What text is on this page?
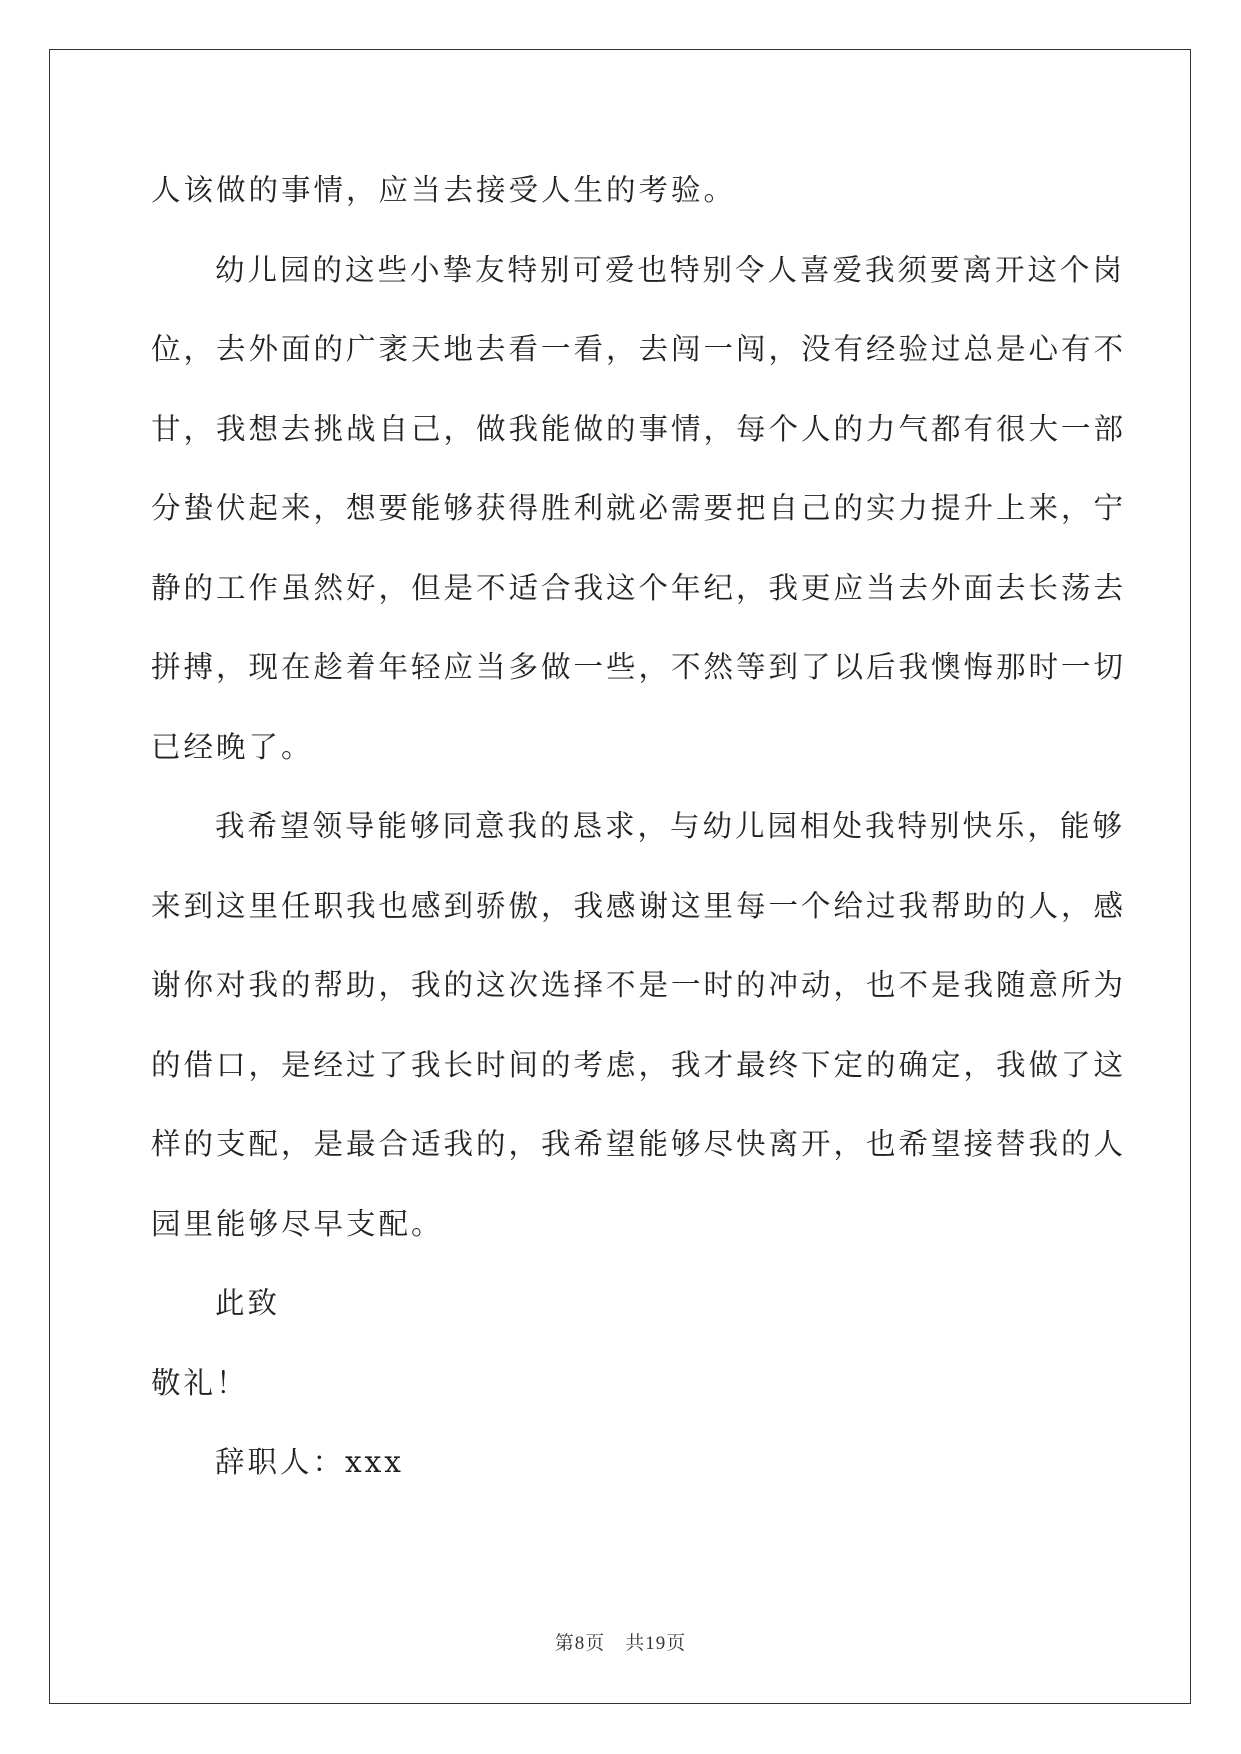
人该做的事情，应当去接受人生的考验。
幼儿园的这些小挚友特别可爱也特别令人喜爱我须要离开这个岗
位，去外面的广袤天地去看一看，去闯一闯，没有经验过总是心有不
甘，我想去挑战自己，做我能做的事情，每个人的力气都有很大一部
分蛰伏起来，想要能够获得胜利就必需要把自己的实力提升上来，宁
静的工作虽然好，但是不适合我这个年纪，我更应当去外面去长荡去
拼搏，现在趁着年轻应当多做一些，不然等到了以后我懊悔那时一切
已经晚了。
我希望领导能够同意我的恳求，与幼儿园相处我特别快乐，能够
来到这里任职我也感到骄傲，我感谢这里每一个给过我帮助的人，感
谢你对我的帮助，我的这次选择不是一时的冲动，也不是我随意所为
的借口，是经过了我长时间的考虑，我才最终下定的确定，我做了这
样的支配，是最合适我的，我希望能够尽快离开，也希望接替我的人
园里能够尽早支配。
此致
敬礼！
辞职人：xxx
第8页　共19页
